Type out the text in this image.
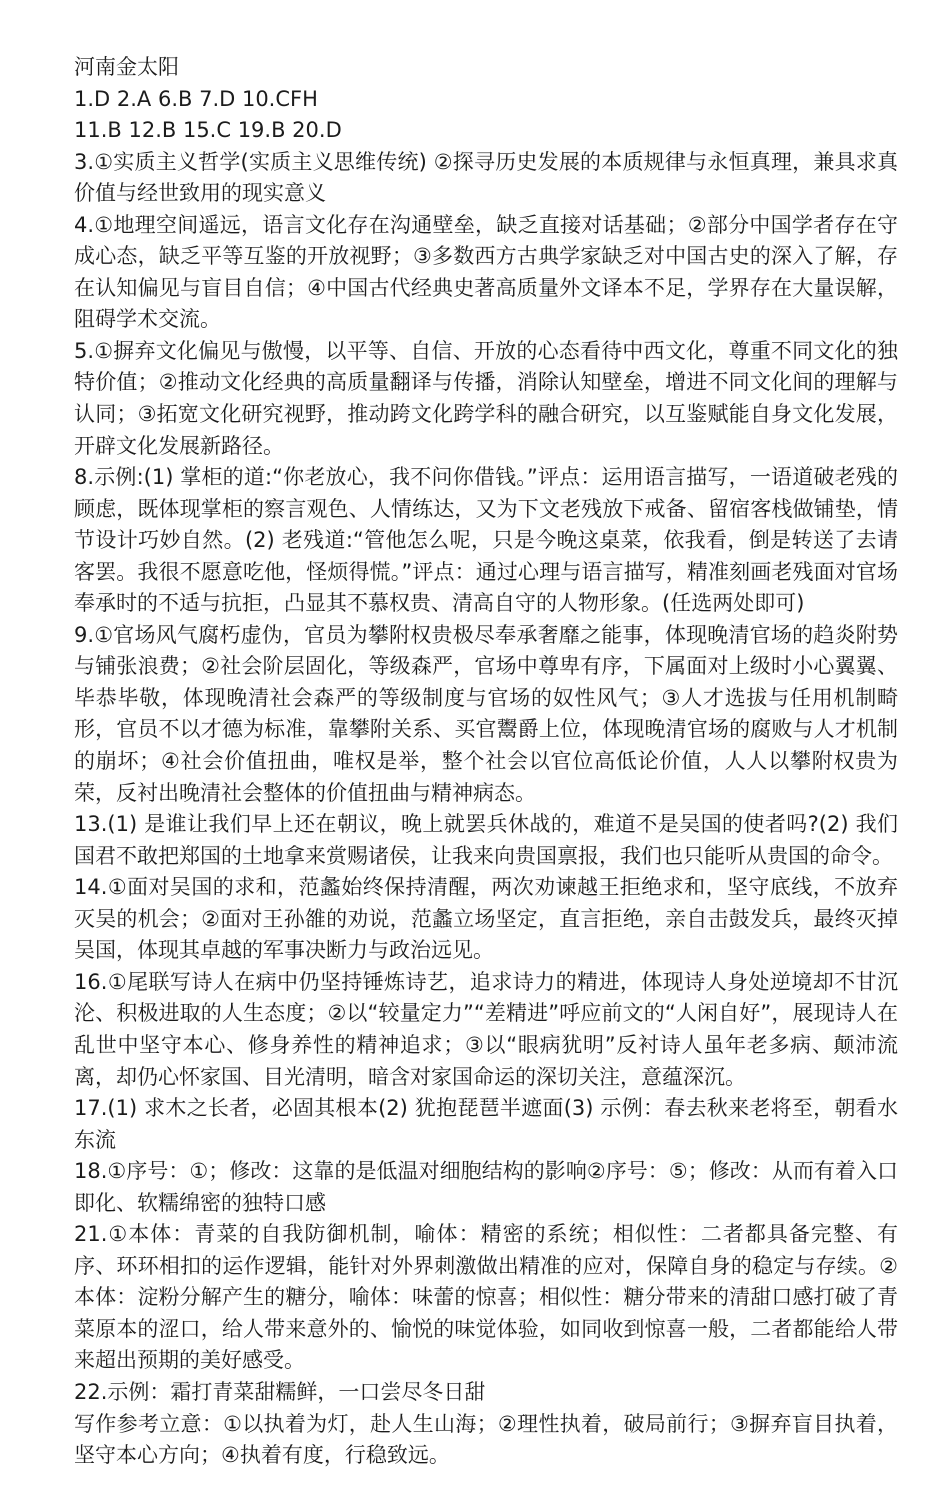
河南金太阳

1.D 2.A 6.B 7.D 10.CFH

11.B 12.B 15.C 19.B 20.D

3.①实质主义哲学(实质主义思维传统) ②探寻历史发展的本质规律与永恒真理，兼具求真价值与经世致用的现实意义

4.①地理空间遥远，语言文化存在沟通壁垒，缺乏直接对话基础；②部分中国学者存在守成心态，缺乏平等互鉴的开放视野；③多数西方古典学家缺乏对中国古史的深入了解，存在认知偏见与盲目自信；④中国古代经典史著高质量外文译本不足，学界存在大量误解，阻碍学术交流。

5.①摒弃文化偏见与傲慢，以平等、自信、开放的心态看待中西文化，尊重不同文化的独特价值；②推动文化经典的高质量翻译与传播，消除认知壁垒，增进不同文化间的理解与认同；③拓宽文化研究视野，推动跨文化跨学科的融合研究，以互鉴赋能自身文化发展，开辟文化发展新路径。

8.示例:(1) 掌柜的道:“你老放心，我不问你借钱。”评点：运用语言描写，一语道破老残的顾虑，既体现掌柜的察言观色、人情练达，又为下文老残放下戒备、留宿客栈做铺垫，情节设计巧妙自然。(2) 老残道:“管他怎么呢，只是今晚这桌菜，依我看，倒是转送了去请客罢。我很不愿意吃他，怪烦得慌。”评点：通过心理与语言描写，精准刻画老残面对官场奉承时的不适与抗拒，凸显其不慕权贵、清高自守的人物形象。(任选两处即可)

9.①官场风气腐朽虚伪，官员为攀附权贵极尽奉承奢靡之能事，体现晚清官场的趋炎附势与铺张浪费；②社会阶层固化，等级森严，官场中尊卑有序，下属面对上级时小心翼翼、毕恭毕敬，体现晚清社会森严的等级制度与官场的奴性风气；③人才选拔与任用机制畸形，官员不以才德为标准，靠攀附关系、买官鬻爵上位，体现晚清官场的腐败与人才机制的崩坏；④社会价值扭曲，唯权是举，整个社会以官位高低论价值，人人以攀附权贵为荣，反衬出晚清社会整体的价值扭曲与精神病态。

13.(1) 是谁让我们早上还在朝议，晚上就罢兵休战的，难道不是吴国的使者吗?(2) 我们国君不敢把郑国的土地拿来赏赐诸侯，让我来向贵国禀报，我们也只能听从贵国的命令。

14.①面对吴国的求和，范蠡始终保持清醒，两次劝谏越王拒绝求和，坚守底线，不放弃灭吴的机会；②面对王孙雒的劝说，范蠡立场坚定，直言拒绝，亲自击鼓发兵，最终灭掉吴国，体现其卓越的军事决断力与政治远见。

16.①尾联写诗人在病中仍坚持锤炼诗艺，追求诗力的精进，体现诗人身处逆境却不甘沉沦、积极进取的人生态度；②以“较量定力”“差精进”呼应前文的“人闲自好”，展现诗人在乱世中坚守本心、修身养性的精神追求；③以“眼病犹明”反衬诗人虽年老多病、颠沛流离，却仍心怀家国、目光清明，暗含对家国命运的深切关注，意蕴深沉。

17.(1) 求木之长者，必固其根本(2) 犹抱琵琶半遮面(3) 示例：春去秋来老将至，朝看水东流

18.①序号：①；修改：这靠的是低温对细胞结构的影响②序号：⑤；修改：从而有着入口即化、软糯绵密的独特口感

21.①本体：青菜的自我防御机制，喻体：精密的系统；相似性：二者都具备完整、有序、环环相扣的运作逻辑，能针对外界刺激做出精准的应对，保障自身的稳定与存续。②本体：淀粉分解产生的糖分，喻体：味蕾的惊喜；相似性：糖分带来的清甜口感打破了青菜原本的涩口，给人带来意外的、愉悦的味觉体验，如同收到惊喜一般，二者都能给人带来超出预期的美好感受。

22.示例：霜打青菜甜糯鲜，一口尝尽冬日甜

写作参考立意：①以执着为灯，赴人生山海；②理性执着，破局前行；③摒弃盲目执着，坚守本心方向；④执着有度，行稳致远。
